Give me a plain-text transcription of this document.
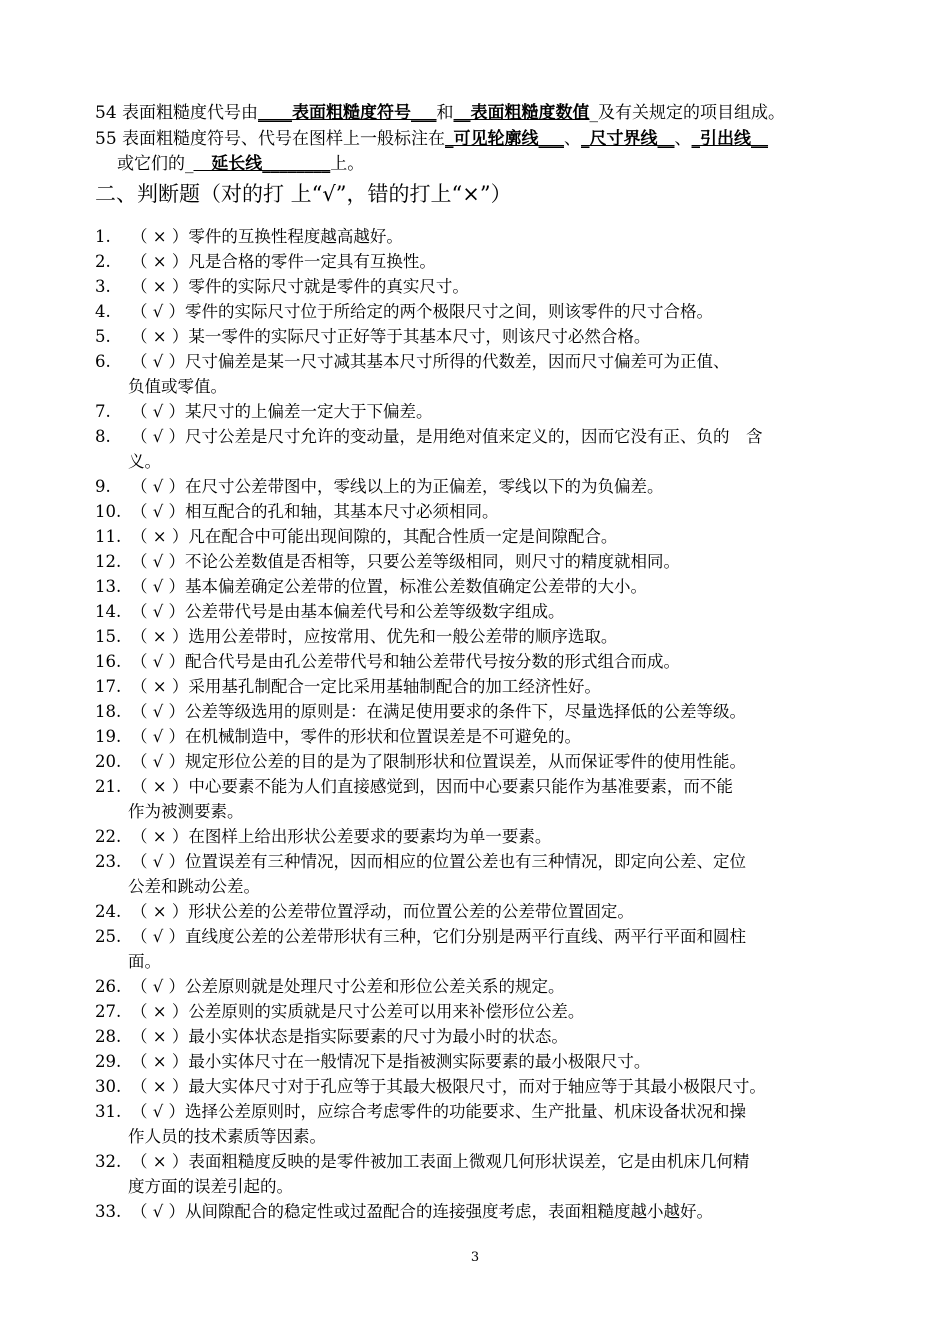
54 表面粗糙度代号由____表面粗糙度符号___和__表面粗糙度数值_及有关规定的项目组成。
55 表面粗糙度符号、代号在图样上一般标注在_可见轮廓线___、_尺寸界线__、_引出线__
或它们的_   延长线________上。
二、判断题（对的打 上“√”，错的打上“×”）
1.	（ × ）零件的互换性程度越高越好。
2.	（ × ）凡是合格的零件一定具有互换性。
3.	（ × ）零件的实际尺寸就是零件的真实尺寸。
4.	（ √ ）零件的实际尺寸位于所给定的两个极限尺寸之间，则该零件的尺寸合格。
5.	（ × ）某一零件的实际尺寸正好等于其基本尺寸，则该尺寸必然合格。
6.	（ √ ）尺寸偏差是某一尺寸减其基本尺寸所得的代数差，因而尺寸偏差可为正值、
负值或零值。
7.	（ √ ）某尺寸的上偏差一定大于下偏差。
8.	（ √ ）尺寸公差是尺寸允许的变动量，是用绝对值来定义的，因而它没有正、负的　含
义。
9.	（ √ ）在尺寸公差带图中，零线以上的为正偏差，零线以下的为负偏差。
10. （ √ ）相互配合的孔和轴，其基本尺寸必须相同。
11. （ × ）凡在配合中可能出现间隙的，其配合性质一定是间隙配合。
12. （ √ ）不论公差数值是否相等，只要公差等级相同，则尺寸的精度就相同。
13. （ √ ）基本偏差确定公差带的位置，标准公差数值确定公差带的大小。
14. （ √ ）公差带代号是由基本偏差代号和公差等级数字组成。
15. （ × ）选用公差带时，应按常用、优先和一般公差带的顺序选取。
16. （ √ ）配合代号是由孔公差带代号和轴公差带代号按分数的形式组合而成。
17. （ × ）采用基孔制配合一定比采用基轴制配合的加工经济性好。
18. （ √ ）公差等级选用的原则是：在满足使用要求的条件下，尽量选择低的公差等级。
19. （ √ ）在机械制造中，零件的形状和位置误差是不可避免的。
20. （ √ ）规定形位公差的目的是为了限制形状和位置误差，从而保证零件的使用性能。
21. （ × ）中心要素不能为人们直接感觉到，因而中心要素只能作为基准要素，而不能
作为被测要素。
22. （ × ）在图样上给出形状公差要求的要素均为单一要素。
23. （ √ ）位置误差有三种情况，因而相应的位置公差也有三种情况，即定向公差、定位
公差和跳动公差。
24. （ × ）形状公差的公差带位置浮动，而位置公差的公差带位置固定。
25. （ √ ）直线度公差的公差带形状有三种，它们分别是两平行直线、两平行平面和圆柱
面。
26. （ √ ）公差原则就是处理尺寸公差和形位公差关系的规定。
27. （ × ）公差原则的实质就是尺寸公差可以用来补偿形位公差。
28. （ × ）最小实体状态是指实际要素的尺寸为最小时的状态。
29. （ × ）最小实体尺寸在一般情况下是指被测实际要素的最小极限尺寸。
30. （ × ）最大实体尺寸对于孔应等于其最大极限尺寸，而对于轴应等于其最小极限尺寸。
31. （ √ ）选择公差原则时，应综合考虑零件的功能要求、生产批量、机床设备状况和操
作人员的技术素质等因素。
32. （ × ）表面粗糙度反映的是零件被加工表面上微观几何形状误差，它是由机床几何精
度方面的误差引起的。
33. （ √ ）从间隙配合的稳定性或过盈配合的连接强度考虑，表面粗糙度越小越好。
3
